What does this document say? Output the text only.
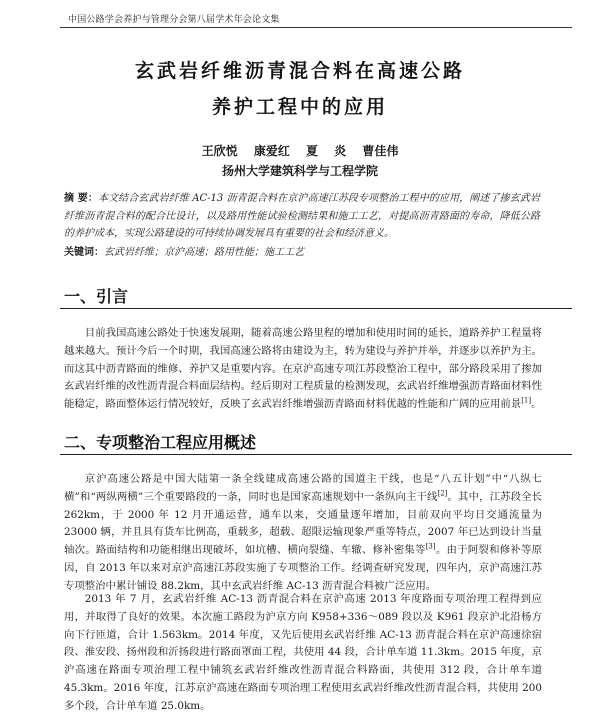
中国公路学会养护与管理分会第八届学术年会论文集
玄武岩纤维沥青混合料在高速公路
养护工程中的应用
王欣悦 康爱红 夏 炎 曹佳伟
扬州大学建筑科学与工程学院
摘 要：本文结合玄武岩纤维 AC-13 沥青混合料在京沪高速江苏段专项整治工程中的应用，阐述了掺玄武岩纤维沥青混合料的配合比设计，以及路用性能试验检测结果和施工工艺，对提高沥青路面的寿命，降低公路的养护成本，实现公路建设的可持续协调发展具有重要的社会和经济意义。
关键词：玄武岩纤维；京沪高速；路用性能；施工工艺
一、引言
目前我国高速公路处于快速发展期，随着高速公路里程的增加和使用时间的延长，道路养护工程量将越来越大。预计今后一个时期，我国高速公路将由建设为主，转为建设与养护并举，并逐步以养护为主。而这其中沥青路面的维修、养护又是重要内容。在京沪高速专项江苏段整治工程中，部分路段采用了掺加玄武岩纤维的改性沥青混合料面层结构。经后期对工程质量的检测发现，玄武岩纤维增强沥青路面材料性能稳定，路面整体运行情况较好，反映了玄武岩纤维增强沥青路面材料优越的性能和广阔的应用前景[1]。
二、专项整治工程应用概述
京沪高速公路是中国大陆第一条全线建成高速公路的国道主干线，也是“八五计划”中“八纵七横”和“两纵两横”三个重要路段的一条，同时也是国家高速规划中一条纵向主干线[2]。其中，江苏段全长 262km，于 2000 年 12 月开通运营，通车以来，交通量逐年增加，目前双向平均日交通流量为 23000 辆，并且具有货车比例高，重载多，超载、超限运输现象严重等特点，2007 年已达到设计当量轴次。路面结构和功能相继出现破坏，如坑槽、横向裂缝、车辙、修补密集等[3]。由于阿裂和修补等原因，自 2013 年以来对京沪高速江苏段实施了专项整治工作。经调查研究发现，四年内，京沪高速江苏专项整治中累计铺设 88.2km，其中玄武岩纤维 AC-13 沥青混合料被广泛应用。
2013 年 7 月，玄武岩纤维 AC-13 沥青混合料在京沪高速 2013 年度路面专项治理工程得到应用，并取得了良好的效果。本次施工路段为沪京方向 K958+336～089 段以及 K961 段京沪北沿杨方向下行匝道，合计 1.563km。2014 年度，又先后使用玄武岩纤维 AC-13 沥青混合料在京沪高速徐宿段、淮安段、扬州段和沂扬段进行路面罩面工程，共使用 44 段，合计单车道 11.3km。2015 年度，京沪高速在路面专项治理工程中铺筑玄武岩纤维改性沥青混合料路面，共使用 312 段，合计单车道 45.3km。2016 年度，江苏京沪高速在路面专项治理工程使用玄武岩纤维改性沥青混合料，共使用 200 多个段，合计单车道 25.0km。
